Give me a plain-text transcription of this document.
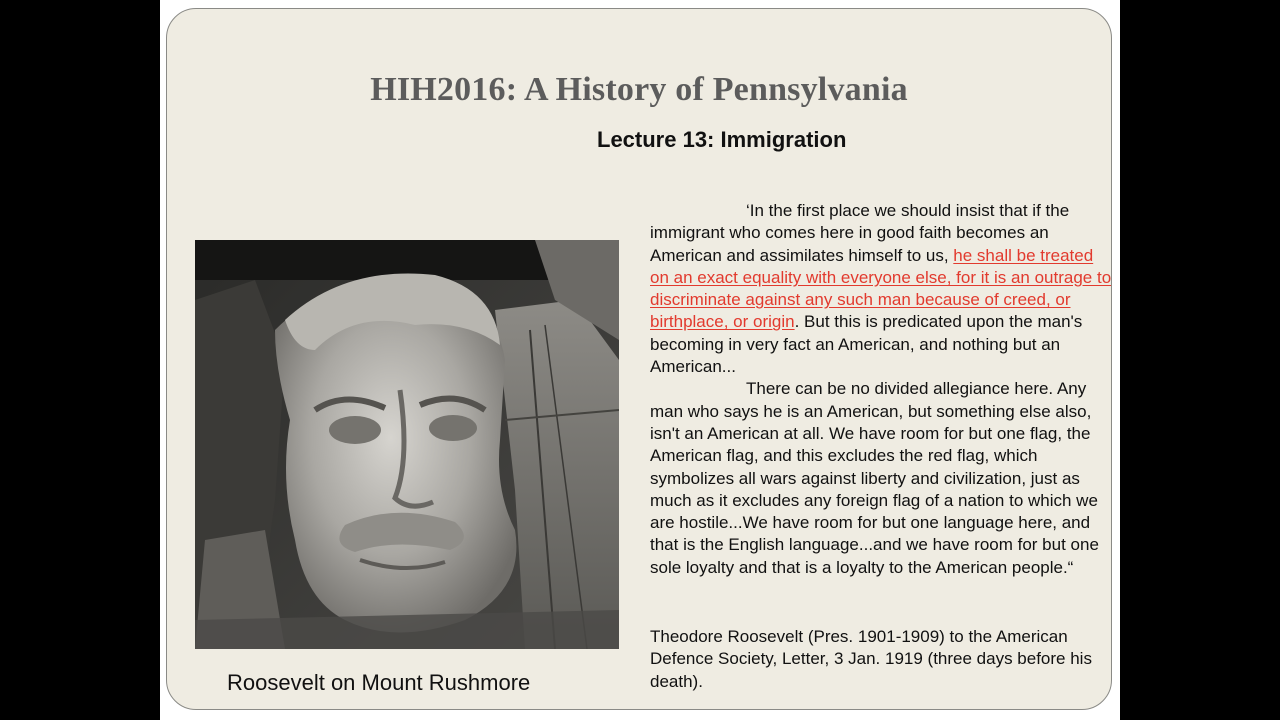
HIH2016: A History of Pennsylvania
Lecture 13: Immigration

Roosevelt on Mount Rushmore

‘In the first place we should insist that if the immigrant who comes here in good faith becomes an American and assimilates himself to us, he shall be treated on an exact equality with everyone else, for it is an outrage to discriminate against any such man because of creed, or birthplace, or origin. But this is predicated upon the man's becoming in very fact an American, and nothing but an American...

There can be no divided allegiance here. Any man who says he is an American, but something else also, isn't an American at all. We have room for but one flag, the American flag, and this excludes the red flag, which symbolizes all wars against liberty and civilization, just as much as it excludes any foreign flag of a nation to which we are hostile...We have room for but one language here, and that is the English language...and we have room for but one sole loyalty and that is a loyalty to the American people.“

Theodore Roosevelt (Pres. 1901-1909) to the American Defence Society, Letter, 3 Jan. 1919 (three days before his death).
